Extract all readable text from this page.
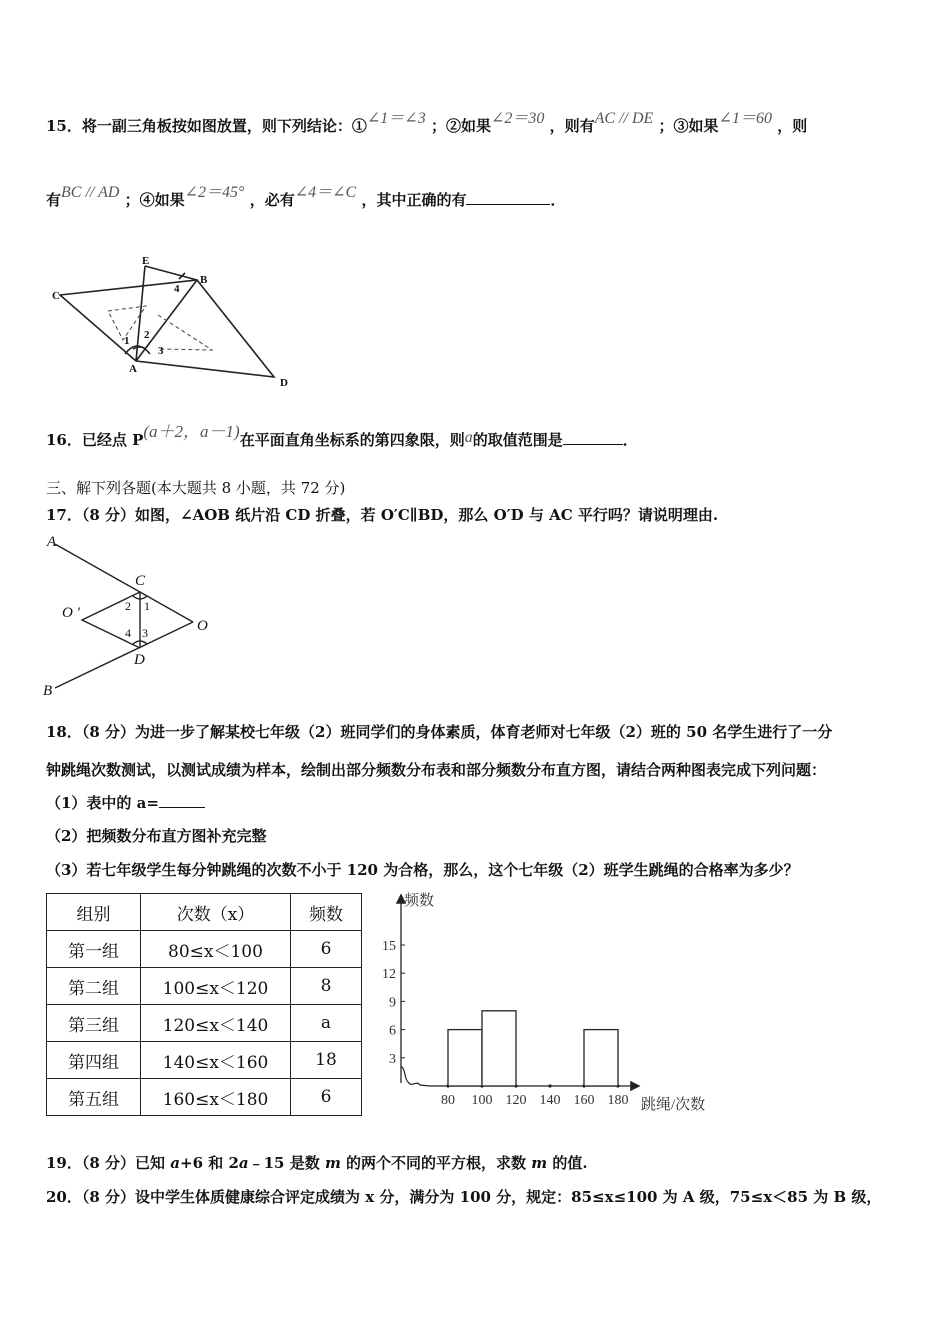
15．将一副三角板按如图放置，则下列结论：①∠1＝∠3 ；②如果∠2＝30 ，则有AC // DE ；③如果∠1＝60 ，则
有BC // AD ；④如果∠2＝45° ，必有∠4＝∠C ，其中正确的有	．
E
B
C
A
D
1 2
3
4
16．已经点 P(a＋2，a－1)在平面直角坐标系的第四象限，则a的取值范围是	．
三、解下列各题(本大题共 8 小题，共 72 分)
17．（8 分）如图，∠AOB 纸片沿 CD 折叠，若 O′C∥BD，那么 O′D 与 AC 平行吗？请说明理由.
A
C
O ′
O
D
B
2 1
4 3
18．（8 分）为进一步了解某校七年级（2）班同学们的身体素质，体育老师对七年级（2）班的 50 名学生进行了一分
钟跳绳次数测试，以测试成绩为样本，绘制出部分频数分布表和部分频数分布直方图，请结合两种图表完成下列问题：
（1）表中的 a=
（2）把频数分布直方图补充完整
（3）若七年级学生每分钟跳绳的次数不小于 120 为合格，那么，这个七年级（2）班学生跳绳的合格率为多少？
组别	次数（x）	频数
第一组	80≤x＜100	6
第二组	100≤x＜120	8
第三组	120≤x＜140	a
第四组	140≤x＜160	18
第五组	160≤x＜180	6
频数
跳绳/次数
3
6
9
12
15
80 100 120 140 160 180
19．（8 分）已知 a+6 和 2a﹣15 是数 m 的两个不同的平方根，求数 m 的值.
20．（8 分）设中学生体质健康综合评定成绩为 x 分，满分为 100 分，规定：85≤x≤100 为 A 级，75≤x＜85 为 B 级，
